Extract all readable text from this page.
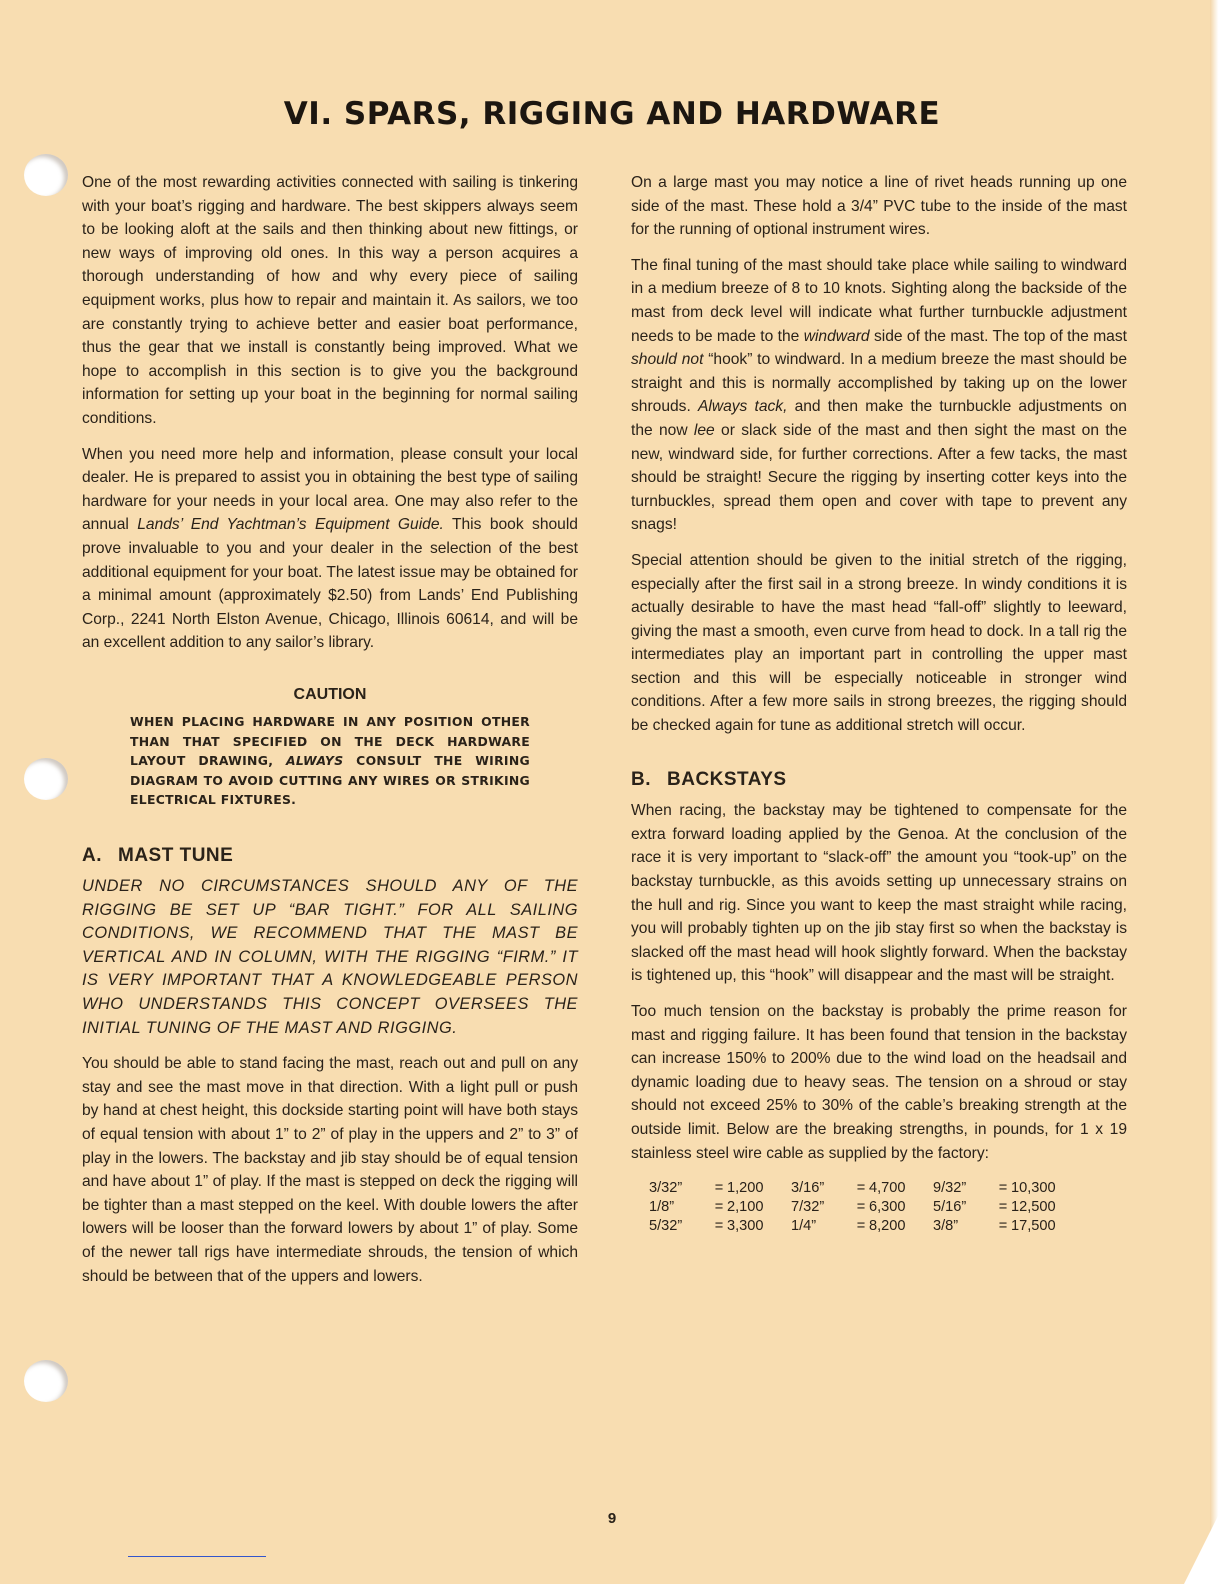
VI. SPARS, RIGGING AND HARDWARE

One of the most rewarding activities connected with sailing is tinkering with your boat’s rigging and hardware. The best skippers always seem to be looking aloft at the sails and then thinking about new fittings, or new ways of improving old ones. In this way a person acquires a thorough understanding of how and why every piece of sailing equipment works, plus how to repair and maintain it. As sailors, we too are constantly trying to achieve better and easier boat performance, thus the gear that we install is constantly being improved. What we hope to accomplish in this section is to give you the background information for setting up your boat in the beginning for normal sailing conditions.

When you need more help and information, please consult your local dealer. He is prepared to assist you in obtaining the best type of sailing hardware for your needs in your local area. One may also refer to the annual Lands’ End Yachtman’s Equipment Guide. This book should prove invaluable to you and your dealer in the selection of the best additional equipment for your boat. The latest issue may be obtained for a minimal amount (approximately $2.50) from Lands’ End Publishing Corp., 2241 North Elston Avenue, Chicago, Illinois 60614, and will be an excellent addition to any sailor’s library.

CAUTION
WHEN PLACING HARDWARE IN ANY POSITION OTHER THAN THAT SPECIFIED ON THE DECK HARDWARE LAYOUT DRAWING, ALWAYS CONSULT THE WIRING DIAGRAM TO AVOID CUTTING ANY WIRES OR STRIKING ELECTRICAL FIXTURES.
A. MAST TUNE

UNDER NO CIRCUMSTANCES SHOULD ANY OF THE RIGGING BE SET UP “BAR TIGHT.” FOR ALL SAILING CONDITIONS, WE RECOMMEND THAT THE MAST BE VERTICAL AND IN COLUMN, WITH THE RIGGING “FIRM.” IT IS VERY IMPORTANT THAT A KNOWLEDGEABLE PERSON WHO UNDERSTANDS THIS CONCEPT OVERSEES THE INITIAL TUNING OF THE MAST AND RIGGING.

You should be able to stand facing the mast, reach out and pull on any stay and see the mast move in that direction. With a light pull or push by hand at chest height, this dockside starting point will have both stays of equal tension with about 1” to 2” of play in the uppers and 2” to 3” of play in the lowers. The backstay and jib stay should be of equal tension and have about 1” of play. If the mast is stepped on deck the rigging will be tighter than a mast stepped on the keel. With double lowers the after lowers will be looser than the forward lowers by about 1” of play. Some of the newer tall rigs have intermediate shrouds, the tension of which should be between that of the uppers and lowers.

On a large mast you may notice a line of rivet heads running up one side of the mast. These hold a 3/4” PVC tube to the inside of the mast for the running of optional instrument wires.

The final tuning of the mast should take place while sailing to windward in a medium breeze of 8 to 10 knots. Sighting along the backside of the mast from deck level will indicate what further turnbuckle adjustment needs to be made to the windward side of the mast. The top of the mast should not “hook” to windward. In a medium breeze the mast should be straight and this is normally accomplished by taking up on the lower shrouds. Always tack, and then make the turnbuckle adjustments on the now lee or slack side of the mast and then sight the mast on the new, windward side, for further corrections. After a few tacks, the mast should be straight! Secure the rigging by inserting cotter keys into the turnbuckles, spread them open and cover with tape to prevent any snags!

Special attention should be given to the initial stretch of the rigging, especially after the first sail in a strong breeze. In windy conditions it is actually desirable to have the mast head “fall-off” slightly to leeward, giving the mast a smooth, even curve from head to dock. In a tall rig the intermediates play an important part in controlling the upper mast section and this will be especially noticeable in stronger wind conditions. After a few more sails in strong breezes, the rigging should be checked again for tune as additional stretch will occur.

B. BACKSTAYS

When racing, the backstay may be tightened to compensate for the extra forward loading applied by the Genoa. At the conclusion of the race it is very important to “slack-off” the amount you “took-up” on the backstay turnbuckle, as this avoids setting up unnecessary strains on the hull and rig. Since you want to keep the mast straight while racing, you will probably tighten up on the jib stay first so when the backstay is slacked off the mast head will hook slightly forward. When the backstay is tightened up, this “hook” will disappear and the mast will be straight.

Too much tension on the backstay is probably the prime reason for mast and rigging failure. It has been found that tension in the backstay can increase 150% to 200% due to the wind load on the headsail and dynamic loading due to heavy seas. The tension on a shroud or stay should not exceed 25% to 30% of the cable’s breaking strength at the outside limit. Below are the breaking strengths, in pounds, for 1 x 19 stainless steel wire cable as supplied by the factory:

3/32”	=	1,200	3/16”	=	4,700	9/32”	=	10,300
1/8”	=	2,100	7/32”	=	6,300	5/16”	=	12,500
5/32”	=	3,300	1/4”	=	8,200	3/8”	=	17,500
9
